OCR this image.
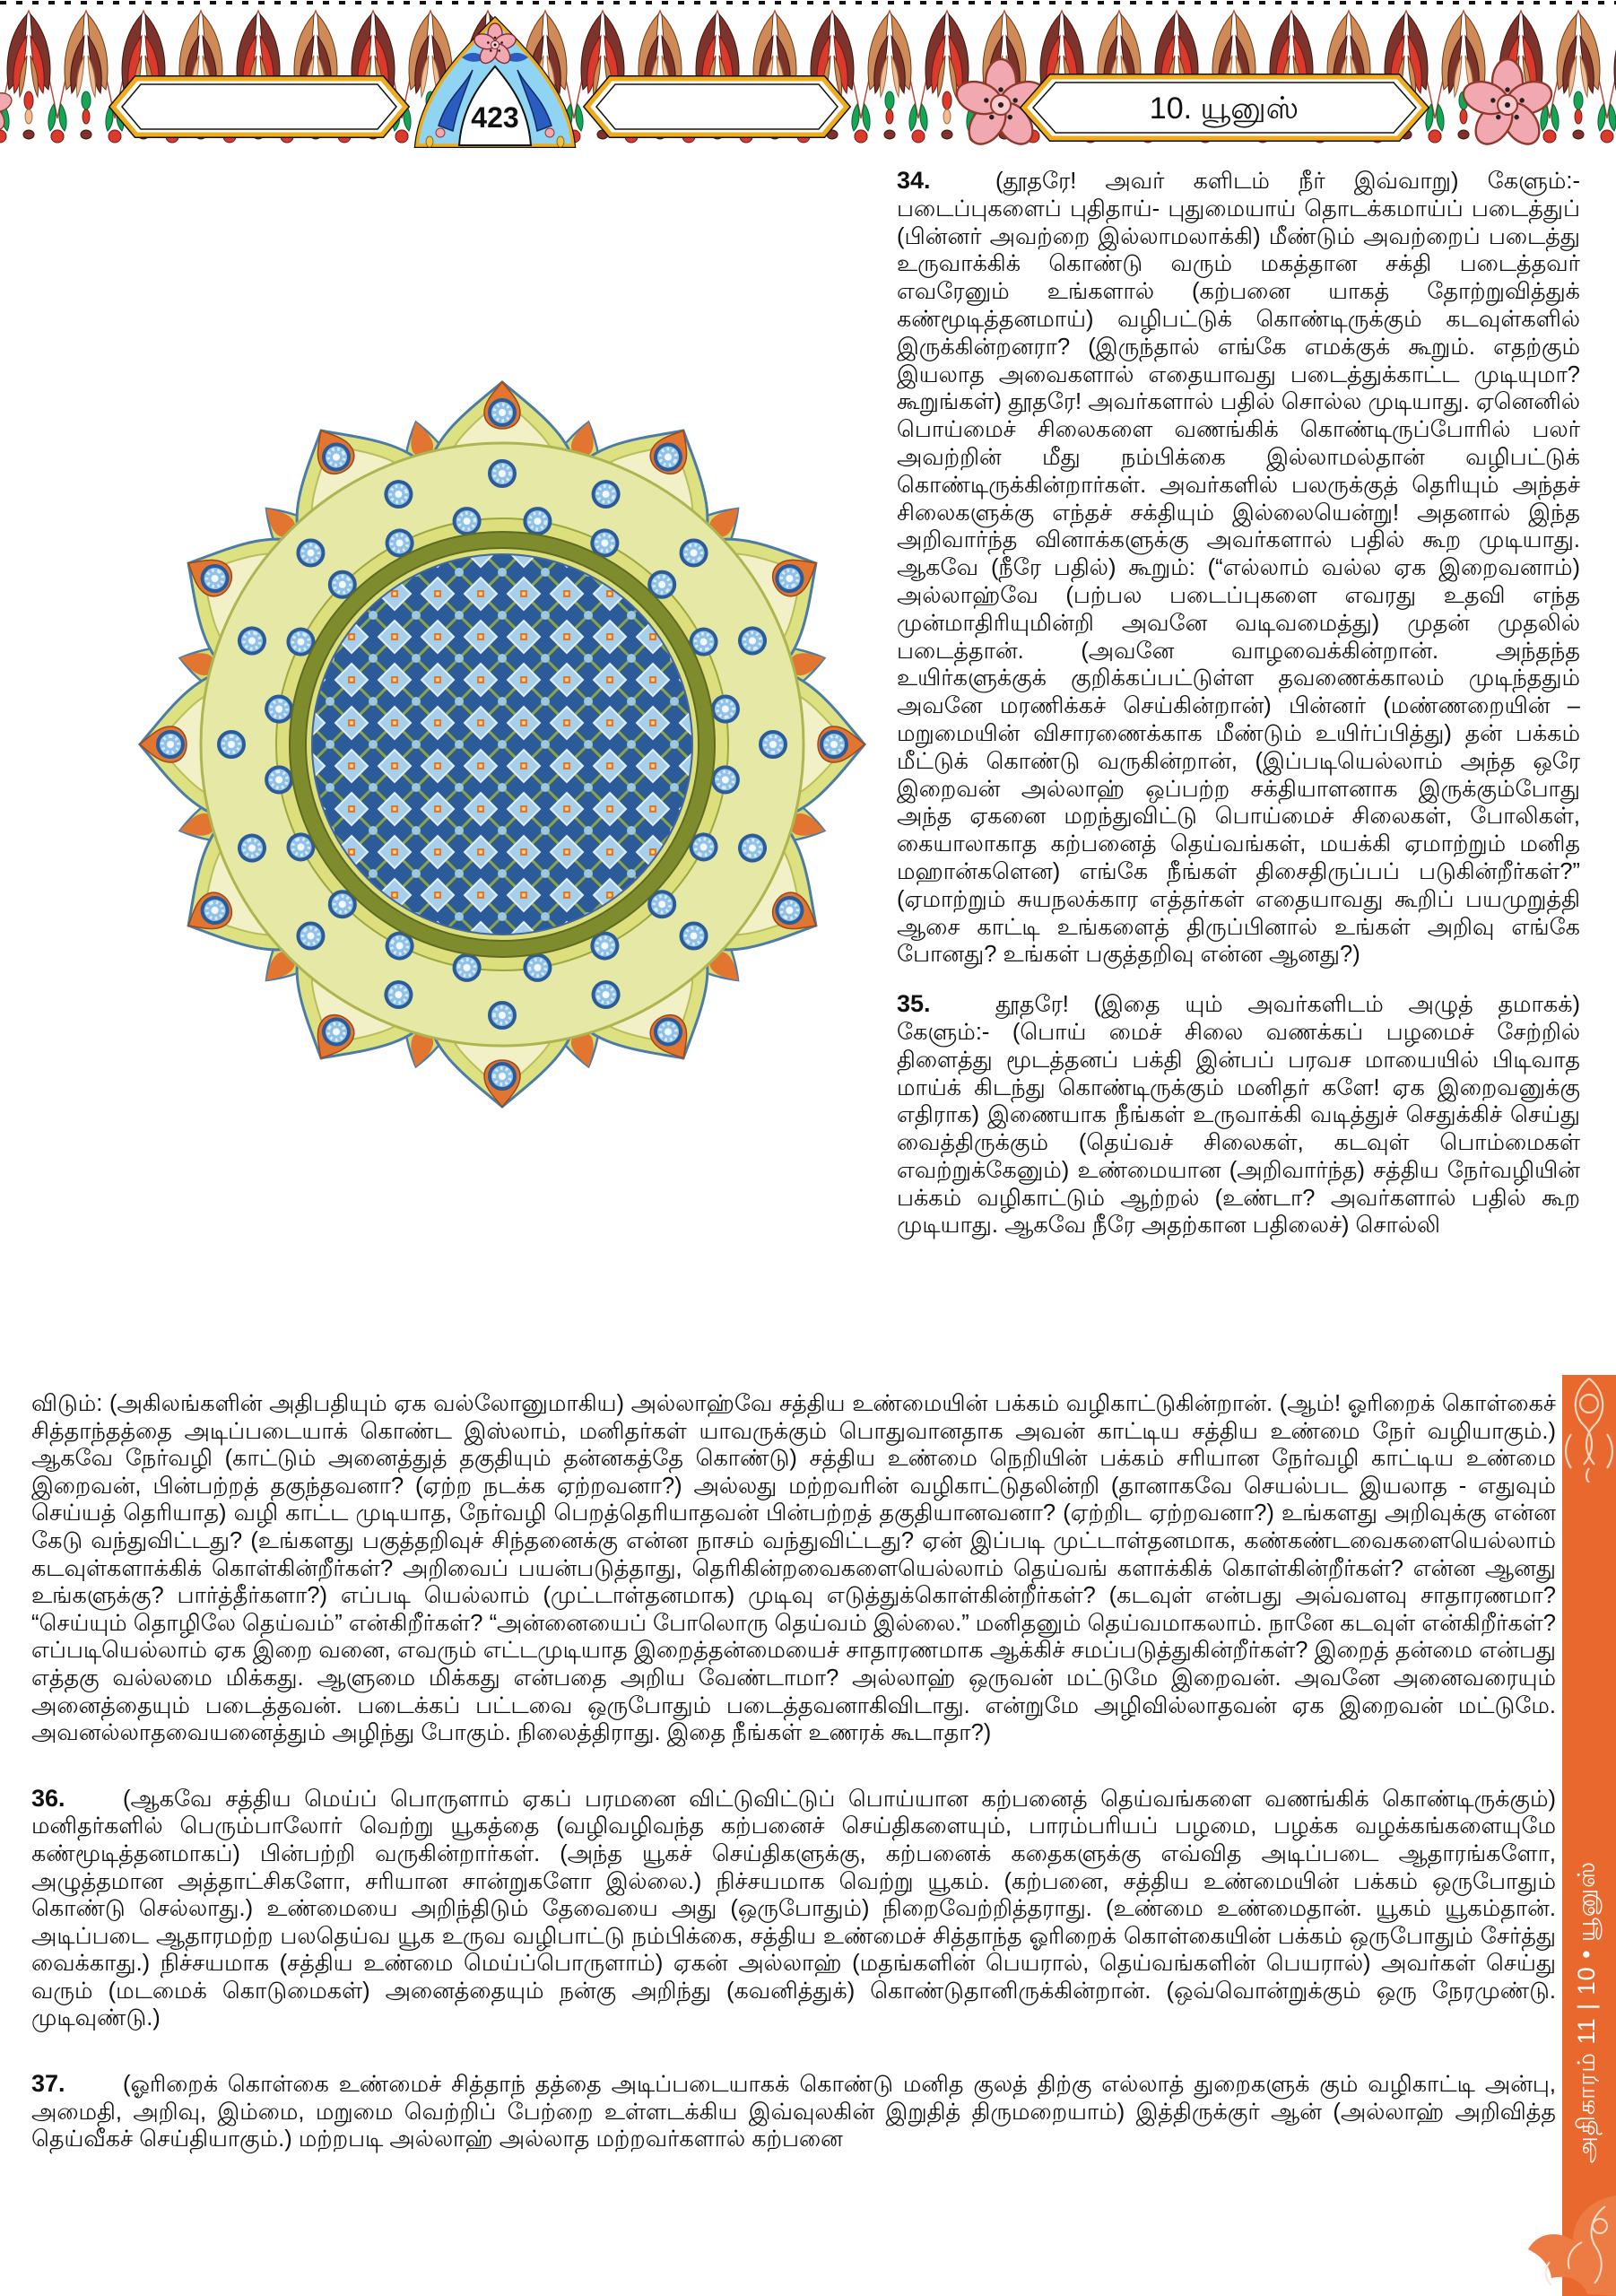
423	10. யூனுஸ்

34.	(தூதரே! அவர் களிடம் நீர் இவ்வாறு) கேளும்:- படைப்புகளைப் புதிதாய்- புதுமையாய் தொடக்கமாய்ப் படைத்துப் (பின்னர் அவற்றை இல்லாமலாக்கி) மீண்டும் அவற்றைப் படைத்து உருவாக்கிக் கொண்டு வரும் மகத்தான சக்தி படைத்தவர் எவரேனும் உங்களால் (கற்பனை யாகத் தோற்றுவித்துக் கண்மூடித்தனமாய்) வழிபட்டுக் கொண்டிருக்கும் கடவுள்களில் இருக்கின்றனரா? (இருந்தால் எங்கே எமக்குக் கூறும். எதற்கும் இயலாத அவைகளால் எதையாவது படைத்துக்காட்ட முடியுமா? கூறுங்கள்) தூதரே! அவர்களால் பதில் சொல்ல முடியாது. ஏனெனில் பொய்மைச் சிலைகளை வணங்கிக் கொண்டிருப்போரில் பலர் அவற்றின் மீது நம்பிக்கை இல்லாமல்தான் வழிபட்டுக் கொண்டிருக்கின்றார்கள். அவர்களில் பலருக்குத் தெரியும் அந்தச் சிலைகளுக்கு எந்தச் சக்தியும் இல்லையென்று! அதனால் இந்த அறிவார்ந்த வினாக்களுக்கு அவர்களால் பதில் கூற முடியாது. ஆகவே (நீரே பதில்) கூறும்: (“எல்லாம் வல்ல ஏக இறைவனாம்) அல்லாஹ்வே (பற்பல படைப்புகளை எவரது உதவி எந்த முன்மாதிரியுமின்றி அவனே வடிவமைத்து) முதன் முதலில் படைத்தான். (அவனே வாழவைக்கின்றான். அந்தந்த உயிர்களுக்குக் குறிக்கப்பட்டுள்ள தவணைக்காலம் முடிந்ததும் அவனே மரணிக்கச் செய்கின்றான்) பின்னர் (மண்ணறையின் – மறுமையின் விசாரணைக்காக மீண்டும் உயிர்ப்பித்து) தன் பக்கம் மீட்டுக் கொண்டு வருகின்றான், (இப்படியெல்லாம் அந்த ஒரே இறைவன் அல்லாஹ் ஒப்பற்ற சக்தியாளனாக இருக்கும்போது அந்த ஏகனை மறந்துவிட்டு பொய்மைச் சிலைகள், போலிகள், கையாலாகாத கற்பனைத் தெய்வங்கள், மயக்கி ஏமாற்றும் மனித மஹான்களென) எங்கே நீங்கள் திசைதிருப்பப் படுகின்றீர்கள்?” (ஏமாற்றும் சுயநலக்கார எத்தர்கள் எதையாவது கூறிப் பயமுறுத்தி ஆசை காட்டி உங்களைத் திருப்பினால் உங்கள் அறிவு எங்கே போனது? உங்கள் பகுத்தறிவு என்ன ஆனது?)

35.	தூதரே! (இதை யும் அவர்களிடம் அழுத் தமாகக்) கேளும்:- (பொய் மைச் சிலை வணக்கப் பழமைச் சேற்றில் திளைத்து மூடத்தனப் பக்தி இன்பப் பரவச மாயையில் பிடிவாத மாய்க் கிடந்து கொண்டிருக்கும் மனிதர் களே! ஏக இறைவனுக்கு எதிராக) இணையாக நீங்கள் உருவாக்கி வடித்துச் செதுக்கிச் செய்து வைத்திருக்கும் (தெய்வச் சிலைகள், கடவுள் பொம்மைகள் எவற்றுக்கேனும்) உண்மையான (அறிவார்ந்த) சத்திய நேர்வழியின் பக்கம் வழிகாட்டும் ஆற்றல் (உண்டா? அவர்களால் பதில் கூற முடியாது. ஆகவே நீரே அதற்கான பதிலைச்) சொல்லி

விடும்: (அகிலங்களின் அதிபதியும் ஏக வல்லோனுமாகிய) அல்லாஹ்வே சத்திய உண்மையின் பக்கம் வழிகாட்டுகின்றான். (ஆம்! ஓரிறைக் கொள்கைச் சித்தாந்தத்தை அடிப்படையாக் கொண்ட இஸ்லாம், மனிதர்கள் யாவருக்கும் பொதுவானதாக அவன் காட்டிய சத்திய உண்மை நேர் வழியாகும்.) ஆகவே நேர்வழி (காட்டும் அனைத்துத் தகுதியும் தன்னகத்தே கொண்டு) சத்திய உண்மை நெறியின் பக்கம் சரியான நேர்வழி காட்டிய உண்மை இறைவன், பின்பற்றத் தகுந்தவனா? (ஏற்ற நடக்க ஏற்றவனா?) அல்லது மற்றவரின் வழிகாட்டுதலின்றி (தானாகவே செயல்பட இயலாத - எதுவும் செய்யத் தெரியாத) வழி காட்ட முடியாத, நேர்வழி பெறத்தெரியாதவன் பின்பற்றத் தகுதியானவனா? (ஏற்றிட ஏற்றவனா?) உங்களது அறிவுக்கு என்ன கேடு வந்துவிட்டது? (உங்களது பகுத்தறிவுச் சிந்தனைக்கு என்ன நாசம் வந்துவிட்டது? ஏன் இப்படி முட்டாள்தனமாக, கண்கண்டவைகளையெல்லாம் கடவுள்களாக்கிக் கொள்கின்றீர்கள்? அறிவைப் பயன்படுத்தாது, தெரிகின்றவைகளையெல்லாம் தெய்வங் களாக்கிக் கொள்கின்றீர்கள்? என்ன ஆனது உங்களுக்கு? பார்த்தீர்களா?) எப்படி யெல்லாம் (முட்டாள்தனமாக) முடிவு எடுத்துக்கொள்கின்றீர்கள்? (கடவுள் என்பது அவ்வளவு சாதாரணமா? “செய்யும் தொழிலே தெய்வம்” என்கிறீர்கள்? “அன்னையைப் போலொரு தெய்வம் இல்லை.” மனிதனும் தெய்வமாகலாம். நானே கடவுள் என்கிறீர்கள்? எப்படியெல்லாம் ஏக இறை வனை, எவரும் எட்டமுடியாத இறைத்தன்மையைச் சாதாரணமாக ஆக்கிச் சமப்படுத்துகின்றீர்கள்? இறைத் தன்மை என்பது எத்தகு வல்லமை மிக்கது. ஆளுமை மிக்கது என்பதை அறிய வேண்டாமா? அல்லாஹ் ஒருவன் மட்டுமே இறைவன். அவனே அனைவரையும் அனைத்தையும் படைத்தவன். படைக்கப் பட்டவை ஒருபோதும் படைத்தவனாகிவிடாது. என்றுமே அழிவில்லாதவன் ஏக இறைவன் மட்டுமே. அவனல்லாதவையனைத்தும் அழிந்து போகும். நிலைத்திராது. இதை நீங்கள் உணரக் கூடாதா?)

36.	(ஆகவே சத்திய மெய்ப் பொருளாம் ஏகப் பரமனை விட்டுவிட்டுப் பொய்யான கற்பனைத் தெய்வங்களை வணங்கிக் கொண்டிருக்கும்) மனிதர்களில் பெரும்பாலோர் வெற்று யூகத்தை (வழிவழிவந்த கற்பனைச் செய்திகளையும், பாரம்பரியப் பழமை, பழக்க வழக்கங்களையுமே கண்மூடித்தனமாகப்) பின்பற்றி வருகின்றார்கள். (அந்த யூகச் செய்திகளுக்கு, கற்பனைக் கதைகளுக்கு எவ்வித அடிப்படை ஆதாரங்களோ, அழுத்தமான அத்தாட்சிகளோ, சரியான சான்றுகளோ இல்லை.) நிச்சயமாக வெற்று யூகம். (கற்பனை, சத்திய உண்மையின் பக்கம் ஒருபோதும் கொண்டு செல்லாது.) உண்மையை அறிந்திடும் தேவையை அது (ஒருபோதும்) நிறைவேற்றித்தராது. (உண்மை உண்மைதான். யூகம் யூகம்தான். அடிப்படை ஆதாரமற்ற பலதெய்வ யூக உருவ வழிபாட்டு நம்பிக்கை, சத்திய உண்மைச் சித்தாந்த ஓரிறைக் கொள்கையின் பக்கம் ஒருபோதும் சேர்த்து வைக்காது.) நிச்சயமாக (சத்திய உண்மை மெய்ப்பொருளாம்) ஏகன் அல்லாஹ் (மதங்களின் பெயரால், தெய்வங்களின் பெயரால்) அவர்கள் செய்து வரும் (மடமைக் கொடுமைகள்) அனைத்தையும் நன்கு அறிந்து (கவனித்துக்) கொண்டுதானிருக்கின்றான். (ஒவ்வொன்றுக்கும் ஒரு நேரமுண்டு. முடிவுண்டு.)

37.	(ஓரிறைக் கொள்கை உண்மைச் சித்தாந் தத்தை அடிப்படையாகக் கொண்டு மனித குலத் திற்கு எல்லாத் துறைகளுக் கும் வழிகாட்டி அன்பு, அமைதி, அறிவு, இம்மை, மறுமை வெற்றிப் பேற்றை உள்ளடக்கிய இவ்வுலகின் இறுதித் திருமறையாம்) இத்திருக்குர் ஆன் (அல்லாஹ் அறிவித்த தெய்வீகச் செய்தியாகும்.) மற்றபடி அல்லாஹ் அல்லாத மற்றவர்களால் கற்பனை	அதிகாரம் 11 | 10 • யூனுஸ்
